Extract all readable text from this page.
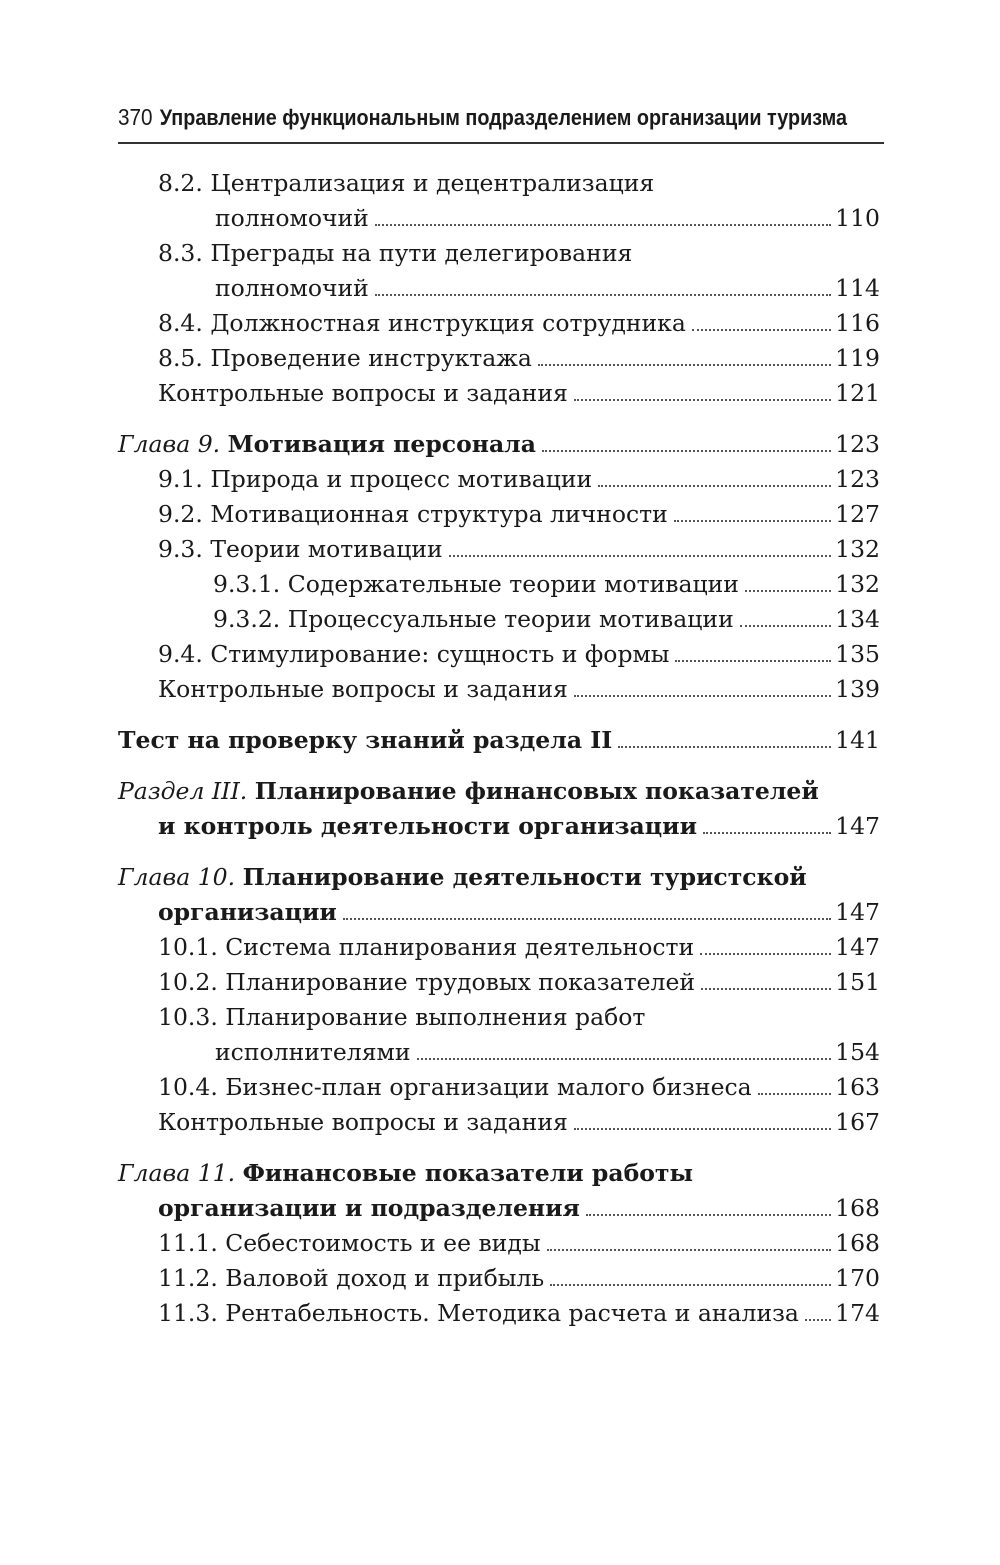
370 Управление функциональным подразделением организации туризма
8.2. Централизация и децентрализация
полномочий	110
8.3. Преграды на пути делегирования
полномочий	114
8.4. Должностная инструкция сотрудника	116
8.5. Проведение инструктажа	119
Контрольные вопросы и задания	121
Глава 9. Мотивация персонала	123
9.1. Природа и процесс мотивации	123
9.2. Мотивационная структура личности	127
9.3. Теории мотивации	132
9.3.1. Содержательные теории мотивации	132
9.3.2. Процессуальные теории мотивации	134
9.4. Стимулирование: сущность и формы	135
Контрольные вопросы и задания	139
Тест на проверку знаний раздела II	141
Раздел III. Планирование финансовых показателей
и контроль деятельности организации	147
Глава 10. Планирование деятельности туристской
организации	147
10.1. Система планирования деятельности	147
10.2. Планирование трудовых показателей	151
10.3. Планирование выполнения работ
исполнителями	154
10.4. Бизнес-план организации малого бизнеса	163
Контрольные вопросы и задания	167
Глава 11. Финансовые показатели работы
организации и подразделения	168
11.1. Себестоимость и ее виды	168
11.2. Валовой доход и прибыль	170
11.3. Рентабельность. Методика расчета и анализа 174
